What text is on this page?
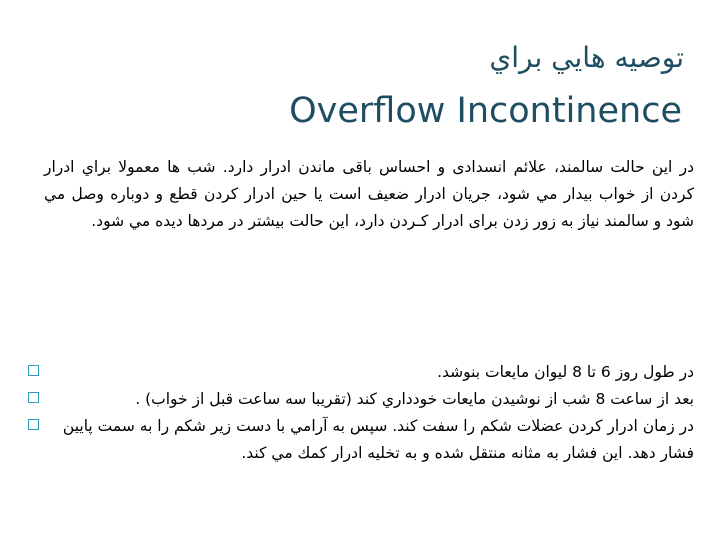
توصيه هايي براي
Overflow Incontinence
در این حالت سالمند، علائم انسدادی و احساس باقی ماندن ادرار دارد. شب ها معمولا براي ادرار كردن از خواب بيدار مي شود، جریان ادرار ضعیف است یا حین ادرار کردن قطع و دوباره وصل مي شود و سالمند نیاز به زور زدن برای ادرار كـردن دارد، این حالت بیشتر در مردها دیده مي شود.
در طول روز 6 تا 8 ليوان مايعات بنوشد.
بعد از ساعت 8 شب از نوشيدن مايعات خودداري كند (تقريبا سه ساعت قبل از خواب) .
در زمان ادرار كردن عضلات شكم را سفت كند. سپس به آرامي با دست زير شكم را به سمت پايين فشار دهد. اين فشار به مثانه منتقل شده و به تخليه ادرار كمك مي كند.
